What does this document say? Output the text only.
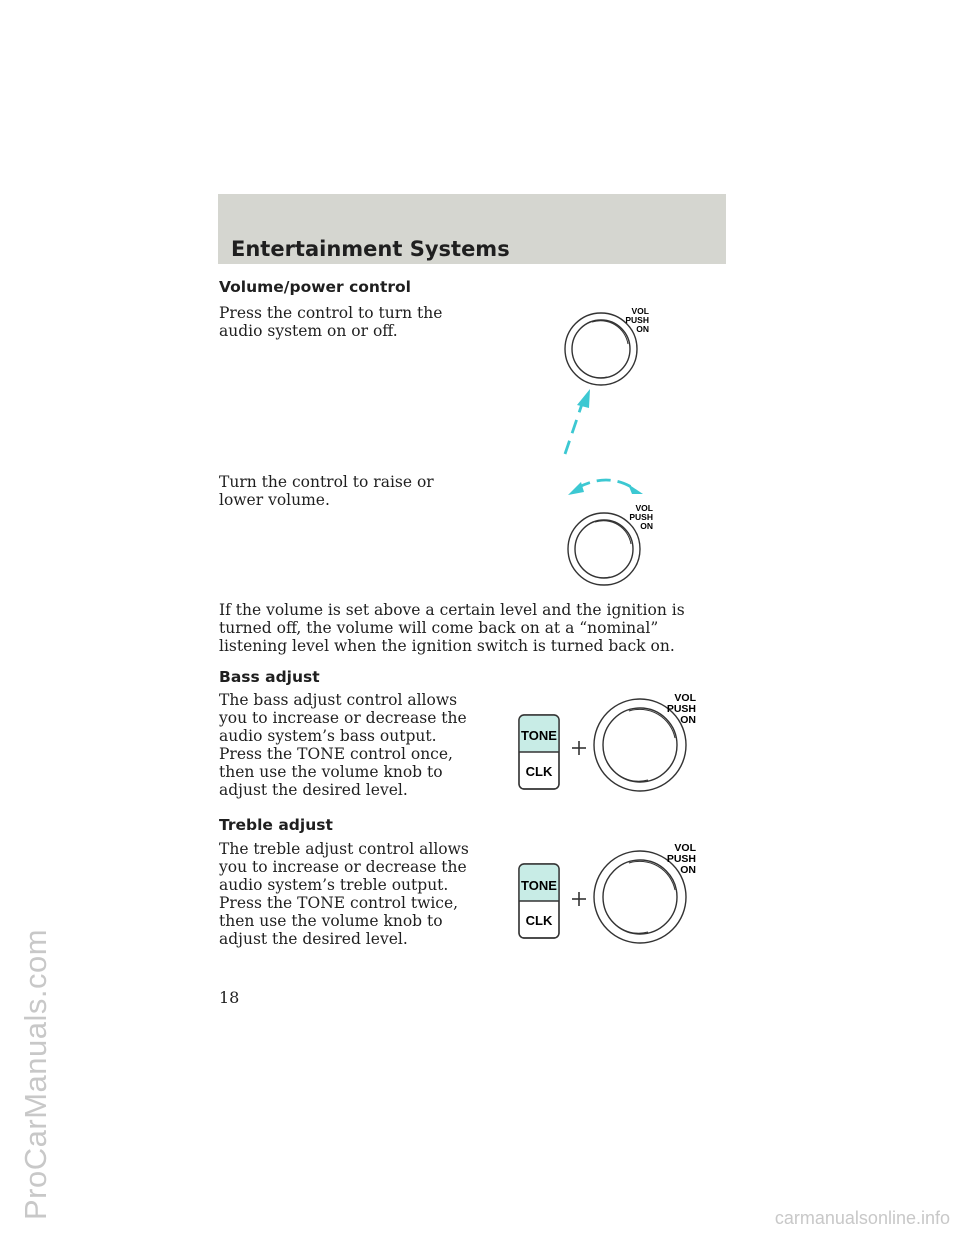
ProCarManuals.com
Entertainment Systems
Volume/power control

Press the control to turn the audio system on or off.

Turn the control to raise or lower volume.

VOL
PUSH
ON
VOL
PUSH
ON

If the volume is set above a certain level and the ignition is turned off, the volume will come back on at a “nominal” listening level when the ignition switch is turned back on.

Bass adjust

The bass adjust control allows you to increase or decrease the audio system’s bass output.

Press the TONE control once, then use the volume knob to adjust the desired level.

TONE
CLK
VOL
PUSH
ON
Treble adjust

The treble adjust control allows you to increase or decrease the audio system’s treble output.

Press the TONE control twice, then use the volume knob to adjust the desired level.

TONE
CLK
VOL
PUSH
ON

18

carmanualsonline.info
